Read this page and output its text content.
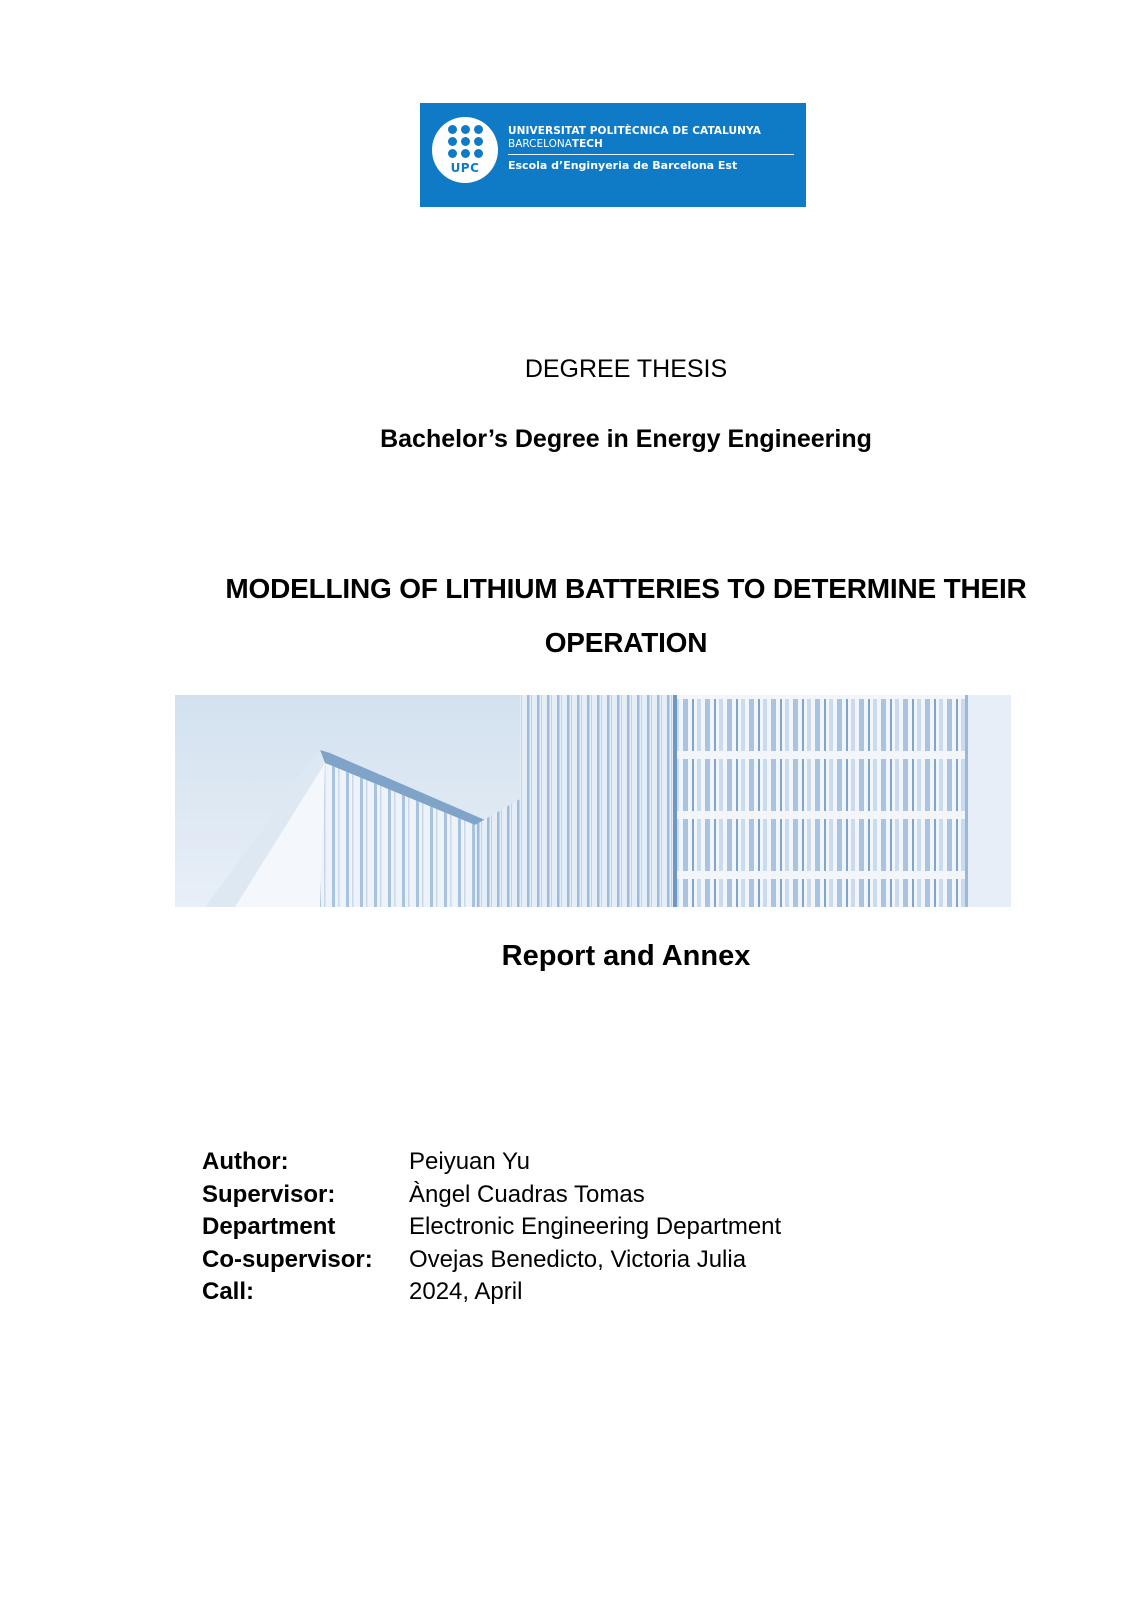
UPC
UNIVERSITAT POLITÈCNICA DE CATALUNYA
BARCELONATECH
Escola d’Enginyeria de Barcelona Est
DEGREE THESIS
Bachelor’s Degree in Energy Engineering
MODELLING OF LITHIUM BATTERIES TO DETERMINE THEIR
OPERATION
Report and Annex
Author:	Peiyuan Yu
Supervisor:	Àngel Cuadras Tomas
Department	Electronic Engineering Department
Co-supervisor: Ovejas Benedicto, Victoria Julia
Call:	2024, April
